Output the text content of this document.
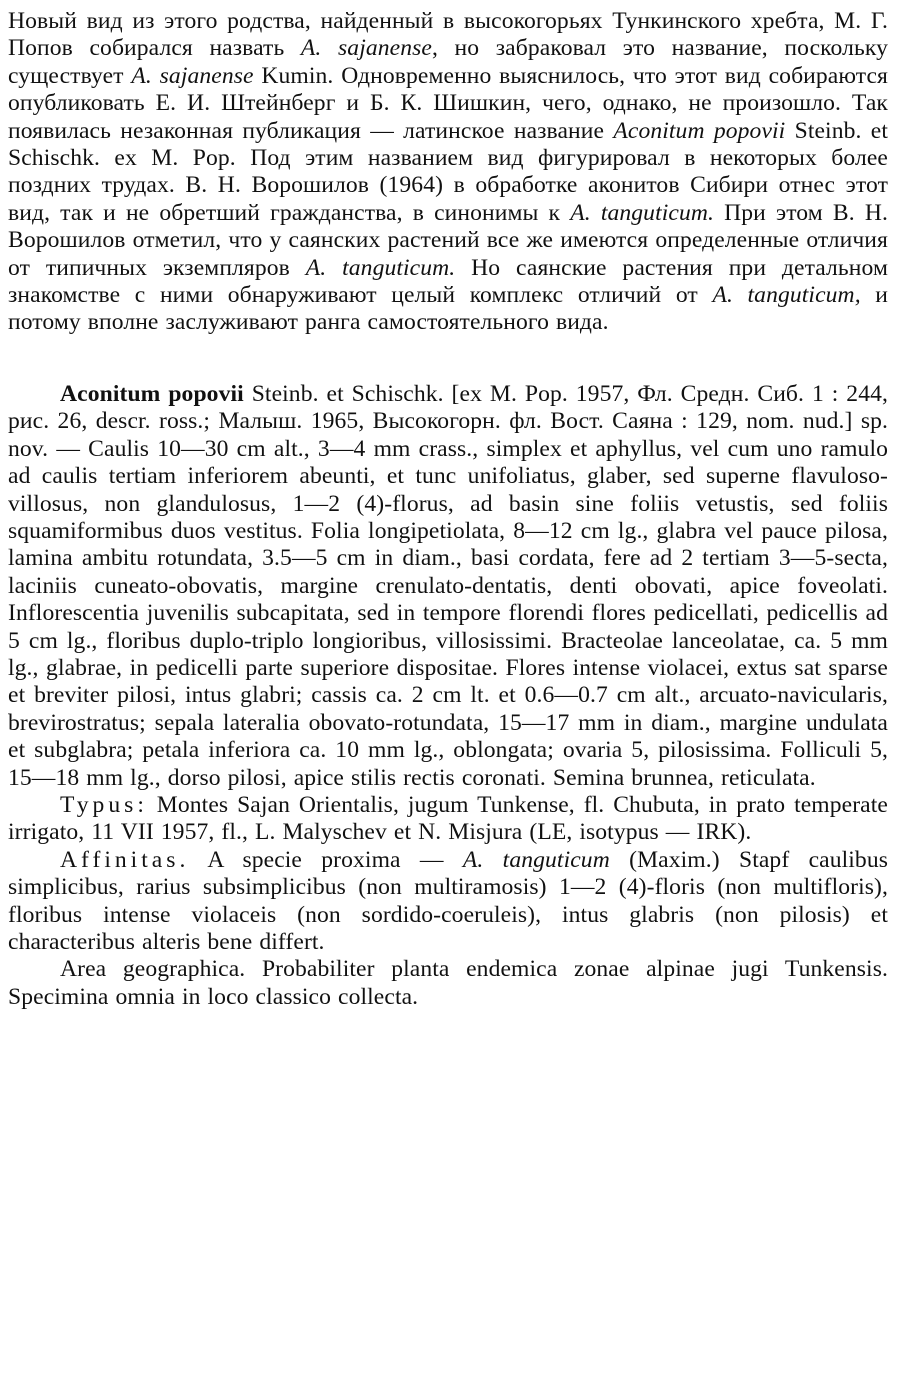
Новый вид из этого родства, найденный в высокогорьях Тункинского хребта, М. Г. Попов собирался назвать A. sajanense, но забраковал это название, поскольку существует A. sajanense Kumin. Одновременно выяснилось, что этот вид собираются опубликовать Е. И. Штейнберг и Б. К. Шишкин, чего, однако, не произошло. Так появилась незаконная публикация — латинское название Aconitum popovii Steinb. et Schischk. ex M. Pop. Под этим названием вид фигурировал в некоторых более поздних трудах. В. Н. Ворошилов (1964) в обработке аконитов Сибири отнес этот вид, так и не обретший гражданства, в синонимы к A. tanguticum. При этом В. Н. Ворошилов отметил, что у саянских растений все же имеются определенные отличия от типичных экземпляров A. tanguticum. Но саянские растения при детальном знакомстве с ними обнаруживают целый комплекс отличий от A. tanguticum, и потому вполне заслуживают ранга самостоятельного вида.

Aconitum popovii Steinb. et Schischk. [ex M. Pop. 1957, Фл. Средн. Сиб. 1 : 244, рис. 26, descr. ross.; Малыш. 1965, Высокогорн. фл. Вост. Саяна : 129, nom. nud.] sp. nov. — Caulis 10—30 cm alt., 3—4 mm crass., simplex et aphyllus, vel cum uno ramulo ad caulis tertiam inferiorem abeunti, et tunc unifoliatus, glaber, sed superne flavuloso-villosus, non glandulosus, 1—2 (4)-florus, ad basin sine foliis vetustis, sed foliis squamiformibus duos vestitus. Folia longipetiolata, 8—12 cm lg., glabra vel pauce pilosa, lamina ambitu rotundata, 3.5—5 cm in diam., basi cordata, fere ad 2 tertiam 3—5-secta, laciniis cuneato-obovatis, margine crenulato-dentatis, denti obovati, apice foveolati. Inflorescentia juvenilis subcapitata, sed in tempore florendi flores pedicellati, pedicellis ad 5 cm lg., floribus duplo-triplo longioribus, villosissimi. Bracteolae lanceolatae, ca. 5 mm lg., glabrae, in pedicelli parte superiore dispositae. Flores intense violacei, extus sat sparse et breviter pilosi, intus glabri; cassis ca. 2 cm lt. et 0.6—0.7 cm alt., arcuato-navicularis, brevirostratus; sepala lateralia obovato-rotundata, 15—17 mm in diam., margine undulata et subglabra; petala inferiora ca. 10 mm lg., oblongata; ovaria 5, pilosissima. Folliculi 5, 15—18 mm lg., dorso pilosi, apice stilis rectis coronati. Semina brunnea, reticulata.

Typus: Montes Sajan Orientalis, jugum Tunkense, fl. Chubuta, in prato temperate irrigato, 11 VII 1957, fl., L. Malyschev et N. Misjura (LE, isotypus — IRK).

Affinitas. A specie proxima — A. tanguticum (Maxim.) Stapf caulibus simplicibus, rarius subsimplicibus (non multiramosis) 1—2 (4)-floris (non multifloris), floribus intense violaceis (non sordido-coeruleis), intus glabris (non pilosis) et characteribus alteris bene differt.

Area geographica. Probabiliter planta endemica zonae alpinae jugi Tunkensis. Specimina omnia in loco classico collecta.
